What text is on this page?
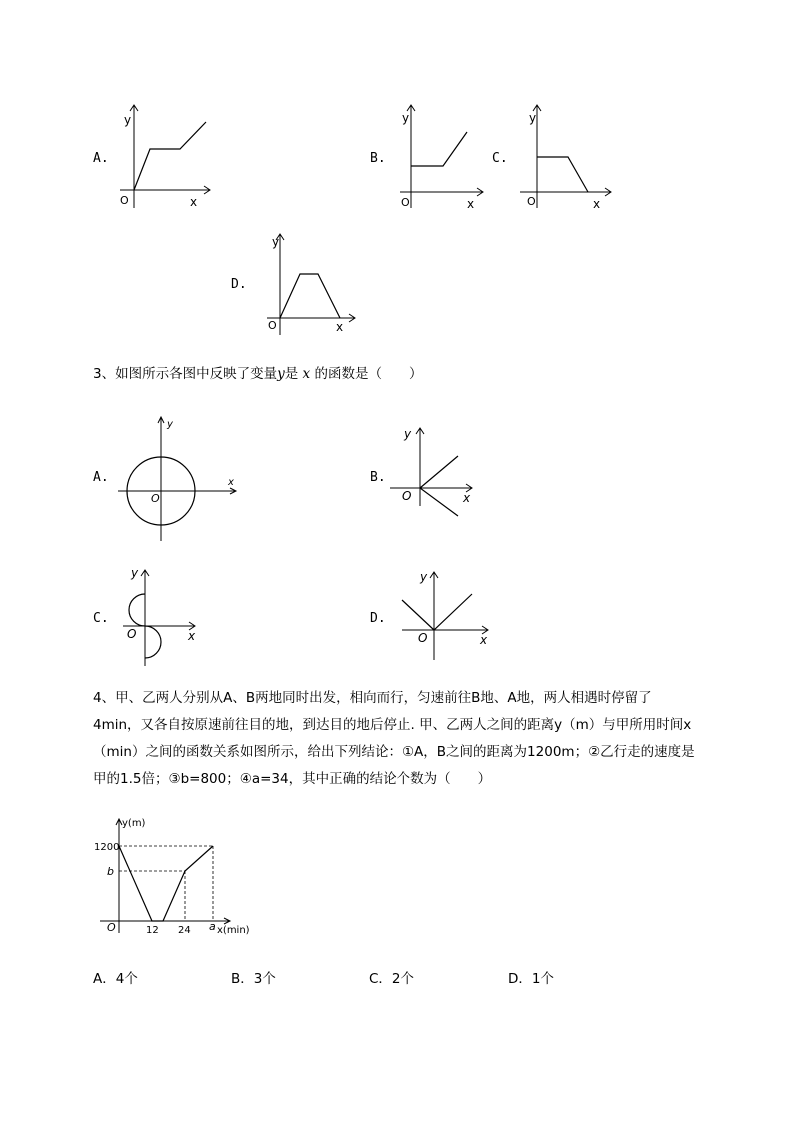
A.
y
x
O
B.
y
x
O
C.
y
x
O
D.
y
x
O
3、如图所示各图中反映了变量y是 x 的函数是（　　）
A.
y
x
O
B.
y
x
O
C.
y
x
O
D.
y
x
O
4、甲、乙两人分别从A、B两地同时出发，相向而行，匀速前往B地、A地，两人相遇时停留了
4min，又各自按原速前往目的地，到达目的地后停止. 甲、乙两人之间的距离y（m）与甲所用时间x
（min）之间的函数关系如图所示，给出下列结论：①A，B之间的距离为1200m；②乙行走的速度是
甲的1.5倍；③b=800；④a=34，其中正确的结论个数为（　　）
y(m)
x(min)
O
1200
b
12 24 a
A．4个	B．3个	C．2个	D．1个
